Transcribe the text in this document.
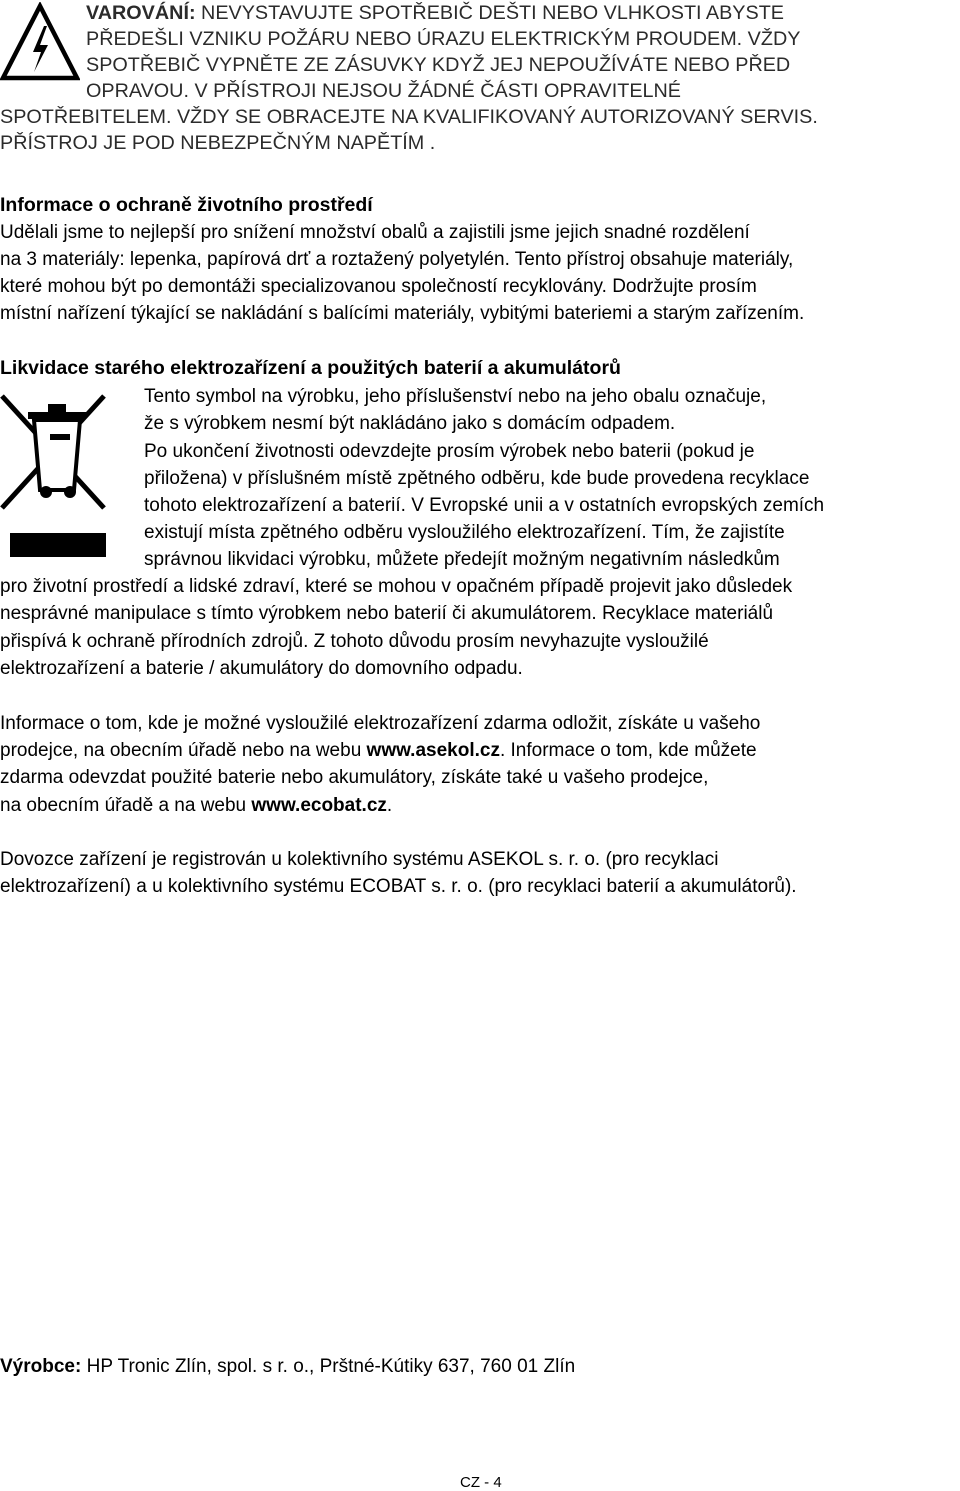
VAROVÁNÍ: NEVYSTAVUJTE SPOTŘEBIČ DEŠTI NEBO VLHKOSTI ABYSTE
PŘEDEŠLI VZNIKU POŽÁRU NEBO ÚRAZU ELEKTRICKÝM PROUDEM. VŽDY
SPOTŘEBIČ VYPNĚTE ZE ZÁSUVKY KDYŽ JEJ NEPOUŽÍVÁTE NEBO PŘED
OPRAVOU. V PŘÍSTROJI NEJSOU ŽÁDNÉ ČÁSTI OPRAVITELNÉ
SPOTŘEBITELEM. VŽDY SE OBRACEJTE NA KVALIFIKOVANÝ AUTORIZOVANÝ SERVIS.
PŘÍSTROJ JE POD NEBEZPEČNÝM NAPĚTÍM .
Informace o ochraně životního prostředí
Udělali jsme to nejlepší pro snížení množství obalů a zajistili jsme jejich snadné rozdělení
na 3 materiály: lepenka, papírová drť a roztažený polyetylén. Tento přístroj obsahuje materiály,
které mohou být po demontáži specializovanou společností recyklovány. Dodržujte prosím
místní nařízení týkající se nakládání s balícími materiály, vybitými bateriemi a starým zařízením.
Likvidace starého elektrozařízení a použitých baterií a akumulátorů
Tento symbol na výrobku, jeho příslušenství nebo na jeho obalu označuje,
že s výrobkem nesmí být nakládáno jako s domácím odpadem.
Po ukončení životnosti odevzdejte prosím výrobek nebo baterii (pokud je
přiložena) v příslušném místě zpětného odběru, kde bude provedena recyklace
tohoto elektrozařízení a baterií. V Evropské unii a v ostatních evropských zemích
existují místa zpětného odběru vysloužilého elektrozařízení. Tím, že zajistíte
správnou likvidaci výrobku, můžete předejít možným negativním následkům
pro životní prostředí a lidské zdraví, které se mohou v opačném případě projevit jako důsledek
nesprávné manipulace s tímto výrobkem nebo baterií či akumulátorem. Recyklace materiálů
přispívá k ochraně přírodních zdrojů. Z tohoto důvodu prosím nevyhazujte vysloužilé
elektrozařízení a baterie / akumulátory do domovního odpadu.
Informace o tom, kde je možné vysloužilé elektrozařízení zdarma odložit, získáte u vašeho
prodejce, na obecním úřadě nebo na webu www.asekol.cz. Informace o tom, kde můžete
zdarma odevzdat použité baterie nebo akumulátory, získáte také u vašeho prodejce,
na obecním úřadě a na webu www.ecobat.cz.
Dovozce zařízení je registrován u kolektivního systému ASEKOL s. r. o. (pro recyklaci
elektrozařízení) a u kolektivního systému ECOBAT s. r. o. (pro recyklaci baterií a akumulátorů).
Výrobce: HP Tronic Zlín, spol. s r. o., Prštné-Kútiky 637, 760 01 Zlín
CZ - 4
